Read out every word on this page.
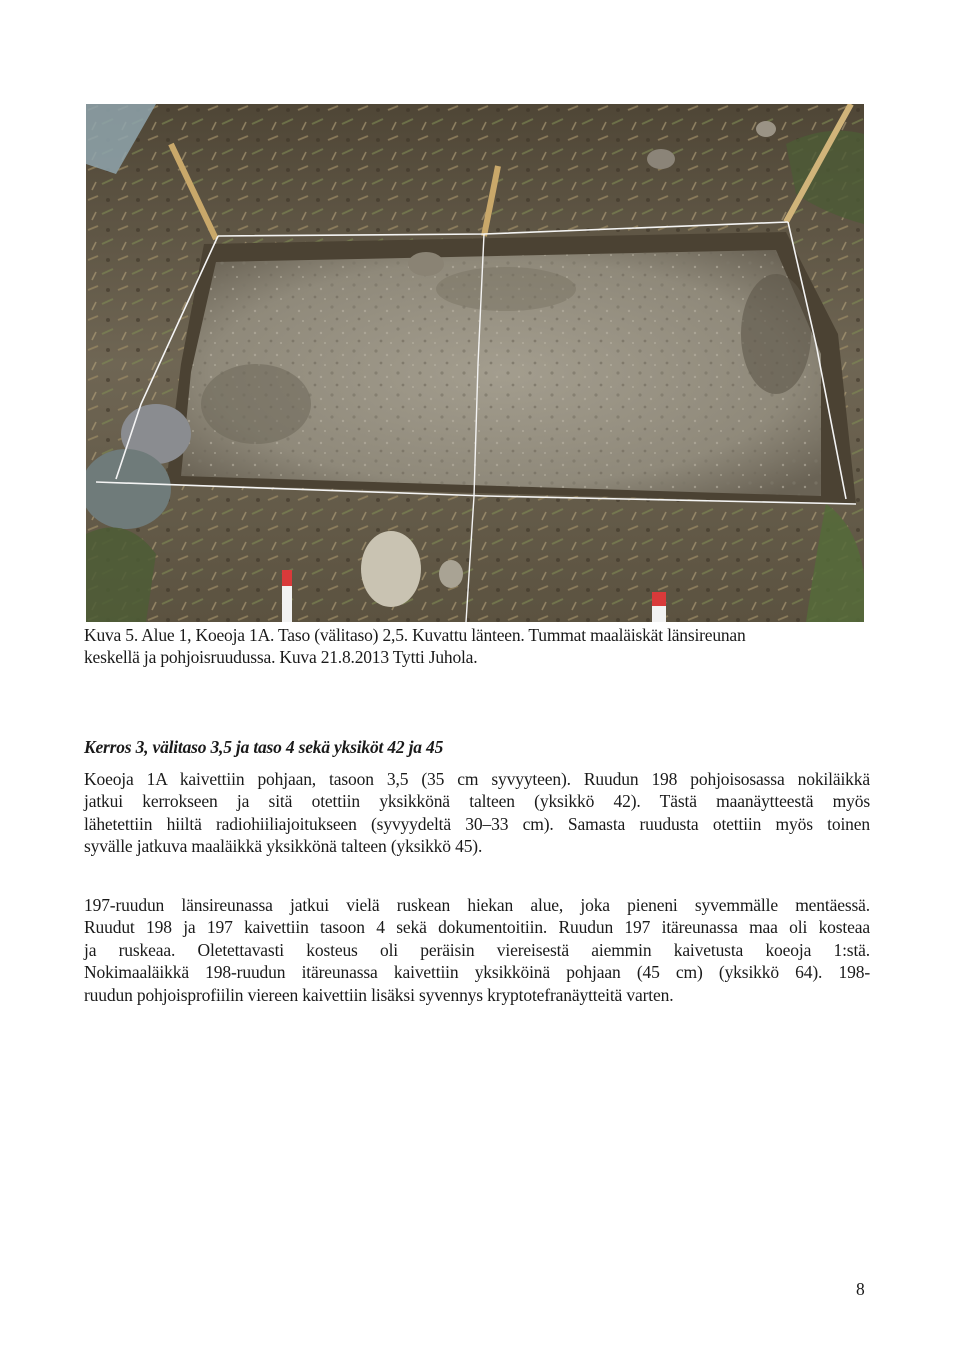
Kuva 5. Alue 1, Koeoja 1A. Taso (välitaso) 2,5. Kuvattu länteen. Tummat maaläiskät länsireunan

keskellä ja pohjoisruudussa. Kuva 21.8.2013 Tytti Juhola.

Kerros 3, välitaso 3,5 ja taso 4 sekä yksiköt 42 ja 45
Koeoja 1A kaivettiin pohjaan, tasoon 3,5 (35 cm syvyyteen). Ruudun 198 pohjoisosassa nokiläikkä
jatkui kerrokseen ja sitä otettiin yksikkönä talteen (yksikkö 42). Tästä maanäytteestä myös
lähetettiin hiiltä radiohiiliajoitukseen (syvyydeltä 30–33 cm). Samasta ruudusta otettiin myös toinen
syvälle jatkuva maaläikkä yksikkönä talteen (yksikkö 45).
197-ruudun länsireunassa jatkui vielä ruskean hiekan alue, joka pieneni syvemmälle mentäessä.
Ruudut 198 ja 197 kaivettiin tasoon 4 sekä dokumentoitiin. Ruudun 197 itäreunassa maa oli kosteaa
ja ruskeaa. Oletettavasti kosteus oli peräisin viereisestä aiemmin kaivetusta koeoja 1:stä.
Nokimaaläikkä 198-ruudun itäreunassa kaivettiin yksikköinä pohjaan (45 cm) (yksikkö 64). 198-
ruudun pohjoisprofiilin viereen kaivettiin lisäksi syvennys kryptotefranäytteitä varten.
8
